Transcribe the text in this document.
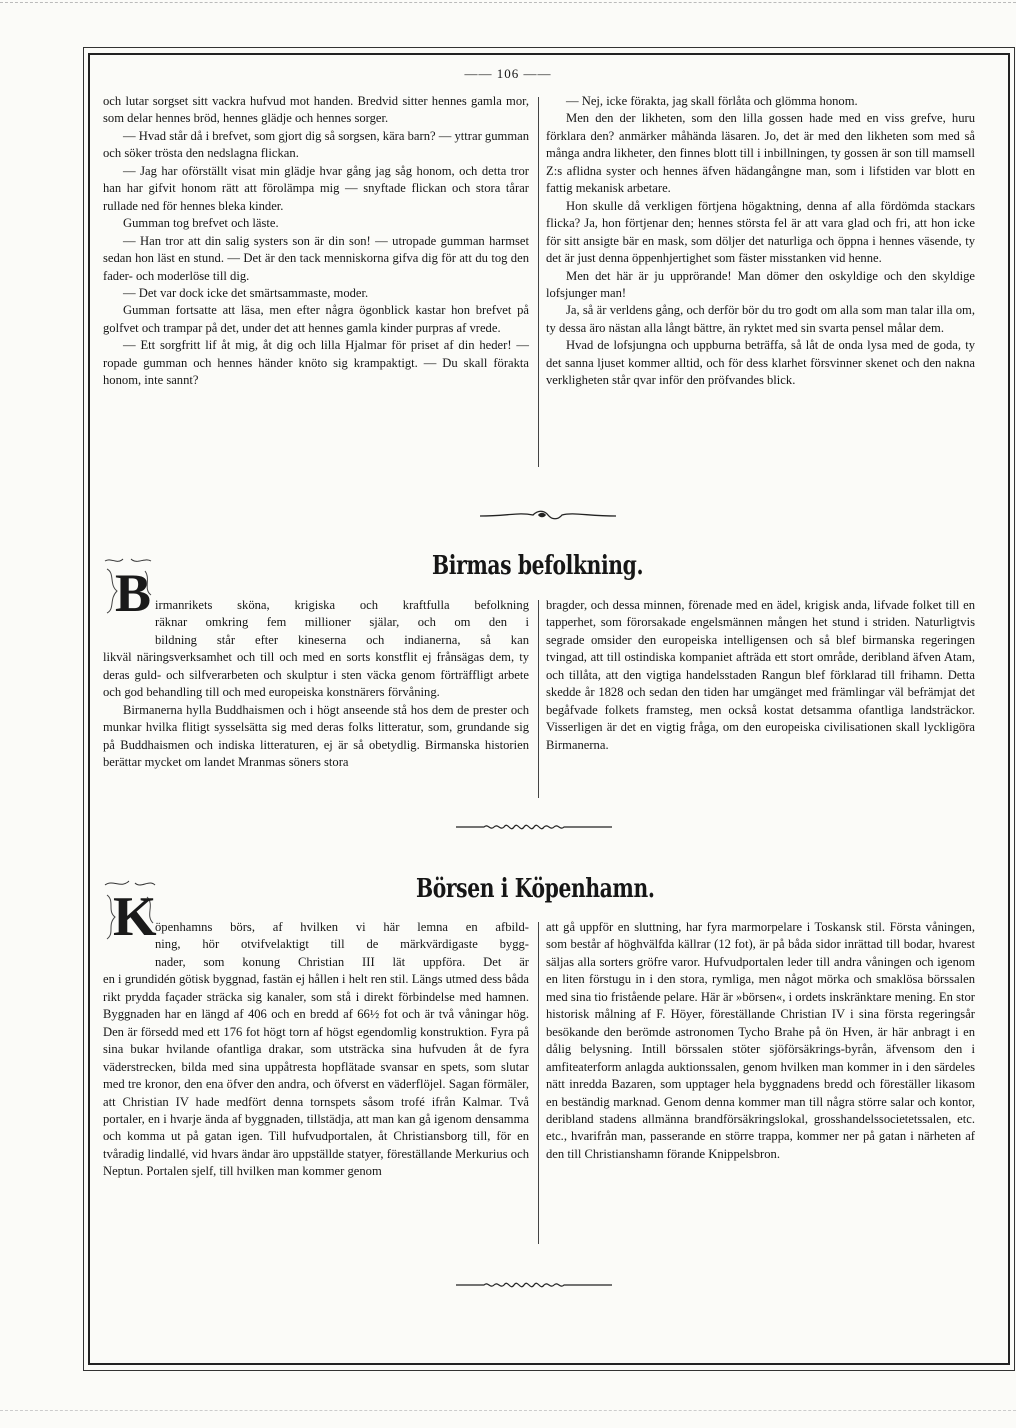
—— 106 ——

och lutar sorgset sitt vackra hufvud mot handen. Bredvid sitter hennes gamla mor, som delar hennes bröd, hennes glädje och hennes sorger.

— Hvad står då i brefvet, som gjort dig så sorgsen, kära barn? — yttrar gumman och söker trösta den nedslagna flickan.

— Jag har oförställt visat min glädje hvar gång jag såg honom, och detta tror han har gifvit honom rätt att förolämpa mig — snyftade flickan och stora tårar rullade ned för hennes bleka kinder.

Gumman tog brefvet och läste.

— Han tror att din salig systers son är din son! — utropade gumman harmset sedan hon läst en stund. — Det är den tack menniskorna gifva dig för att du tog den fader- och moderlöse till dig.

— Det var dock icke det smärtsammaste, moder.

Gumman fortsatte att läsa, men efter några ögonblick kastar hon brefvet på golfvet och trampar på det, under det att hennes gamla kinder purpras af vrede.

— Ett sorgfritt lif åt mig, åt dig och lilla Hjalmar för priset af din heder! — ropade gumman och hennes händer knöto sig krampaktigt. — Du skall förakta honom, inte sannt?

— Nej, icke förakta, jag skall förlåta och glömma honom.

Men den der likheten, som den lilla gossen hade med en viss grefve, huru förklara den? anmärker måhända läsaren. Jo, det är med den likheten som med så många andra likheter, den finnes blott till i inbillningen, ty gossen är son till mamsell Z:s aflidna syster och hennes äfven hädangångne man, som i lifstiden var blott en fattig mekanisk arbetare.

Hon skulle då verkligen förtjena högaktning, denna af alla fördömda stackars flicka? Ja, hon förtjenar den; hennes största fel är att vara glad och fri, att hon icke för sitt ansigte bär en mask, som döljer det naturliga och öppna i hennes väsende, ty det är just denna öppenhjertighet som fäster misstanken vid henne.

Men det här är ju upprörande! Man dömer den oskyldige och den skyldige lofsjunger man!

Ja, så är verldens gång, och derför bör du tro godt om alla som man talar illa om, ty dessa äro nästan alla långt bättre, än ryktet med sin svarta pensel målar dem.

Hvad de lofsjungna och uppburna beträffa, så låt de onda lysa med de goda, ty det sanna ljuset kommer alltid, och för dess klarhet försvinner skenet och den nakna verkligheten står qvar inför den pröfvandes blick.

Birmas befolkning.
B irmanrikets sköna, krigiska och kraftfulla befolkning

räknar omkring fem millioner själar, och om den i

bildning står efter kineserna och indianerna, så kan

likväl näringsverksamhet och till och med en sorts konstflit ej frånsägas dem, ty deras guld- och silfverarbeten och skulptur i sten väcka genom förträffligt arbete och god behandling till och med europeiska konstnärers förvåning.

Birmanerna hylla Buddhaismen och i högt anseende stå hos dem de prester och munkar hvilka flitigt sysselsätta sig med deras folks litteratur, som, grundande sig på Buddhaismen och indiska litteraturen, ej är så obetydlig. Birmanska historien berättar mycket om landet Mranmas söners stora

bragder, och dessa minnen, förenade med en ädel, krigisk anda, lifvade folket till en tapperhet, som förorsakade engelsmännen mången het stund i striden. Naturligtvis segrade omsider den europeiska intelligensen och så blef birmanska regeringen tvingad, att till ostindiska kompaniet afträda ett stort område, deribland äfven Atam, och tillåta, att den vigtiga handelsstaden Rangun blef förklarad till frihamn. Detta skedde år 1828 och sedan den tiden har umgänget med främlingar väl befrämjat det begåfvade folkets framsteg, men också kostat detsamma ofantliga landsträckor. Visserligen är det en vigtig fråga, om den europeiska civilisationen skall lyckligöra Birmanerna.

Börsen i Köpenhamn.
K

öpenhamns börs, af hvilken vi här lemna en afbild-

ning, hör otvifvelaktigt till de märkvärdigaste bygg-

nader, som konung Christian III lät uppföra. Det är

en i grundidén götisk byggnad, fastän ej hållen i helt ren stil. Längs utmed dess båda rikt prydda façader sträcka sig kanaler, som stå i direkt förbindelse med hamnen. Byggnaden har en längd af 406 och en bredd af 66½ fot och är två våningar hög. Den är försedd med ett 176 fot högt torn af högst egendomlig konstruktion. Fyra på sina bukar hvilande ofantliga drakar, som utsträcka sina hufvuden åt de fyra väderstrecken, bilda med sina uppåtresta hopflätade svansar en spets, som slutar med tre kronor, den ena öfver den andra, och öfverst en väderflöjel. Sagan förmäler, att Christian IV hade medfört denna tornspets såsom trofé ifrån Kalmar. Två portaler, en i hvarje ända af byggnaden, tillstädja, att man kan gå igenom densamma och komma ut på gatan igen. Till hufvudportalen, åt Christiansborg till, för en tvåradig lindallé, vid hvars ändar äro uppställde statyer, föreställande Merkurius och Neptun. Portalen sjelf, till hvilken man kommer genom

att gå uppför en sluttning, har fyra marmorpelare i Toskansk stil. Första våningen, som består af höghvälfda källrar (12 fot), är på båda sidor inrättad till bodar, hvarest säljas alla sorters gröfre varor. Hufvudportalen leder till andra våningen och igenom en liten förstugu in i den stora, rymliga, men något mörka och smaklösa börssalen med sina tio fristående pelare. Här är »börsen«, i ordets inskränktare mening. En stor historisk målning af F. Höyer, föreställande Christian IV i sina första regeringsår besökande den berömde astronomen Tycho Brahe på ön Hven, är här anbragt i en dålig belysning. Intill börssalen stöter sjöförsäkrings-byrån, äfvensom den i amfiteaterform anlagda auktionssalen, genom hvilken man kommer in i den särdeles nätt inredda Bazaren, som upptager hela byggnadens bredd och föreställer likasom en beständig marknad. Genom denna kommer man till några större salar och kontor, deribland stadens allmänna brandförsäkringslokal, grosshandelssocietetssalen, etc. etc., hvarifrån man, passerande en större trappa, kommer ner på gatan i närheten af den till Christianshamn förande Knippelsbron.
